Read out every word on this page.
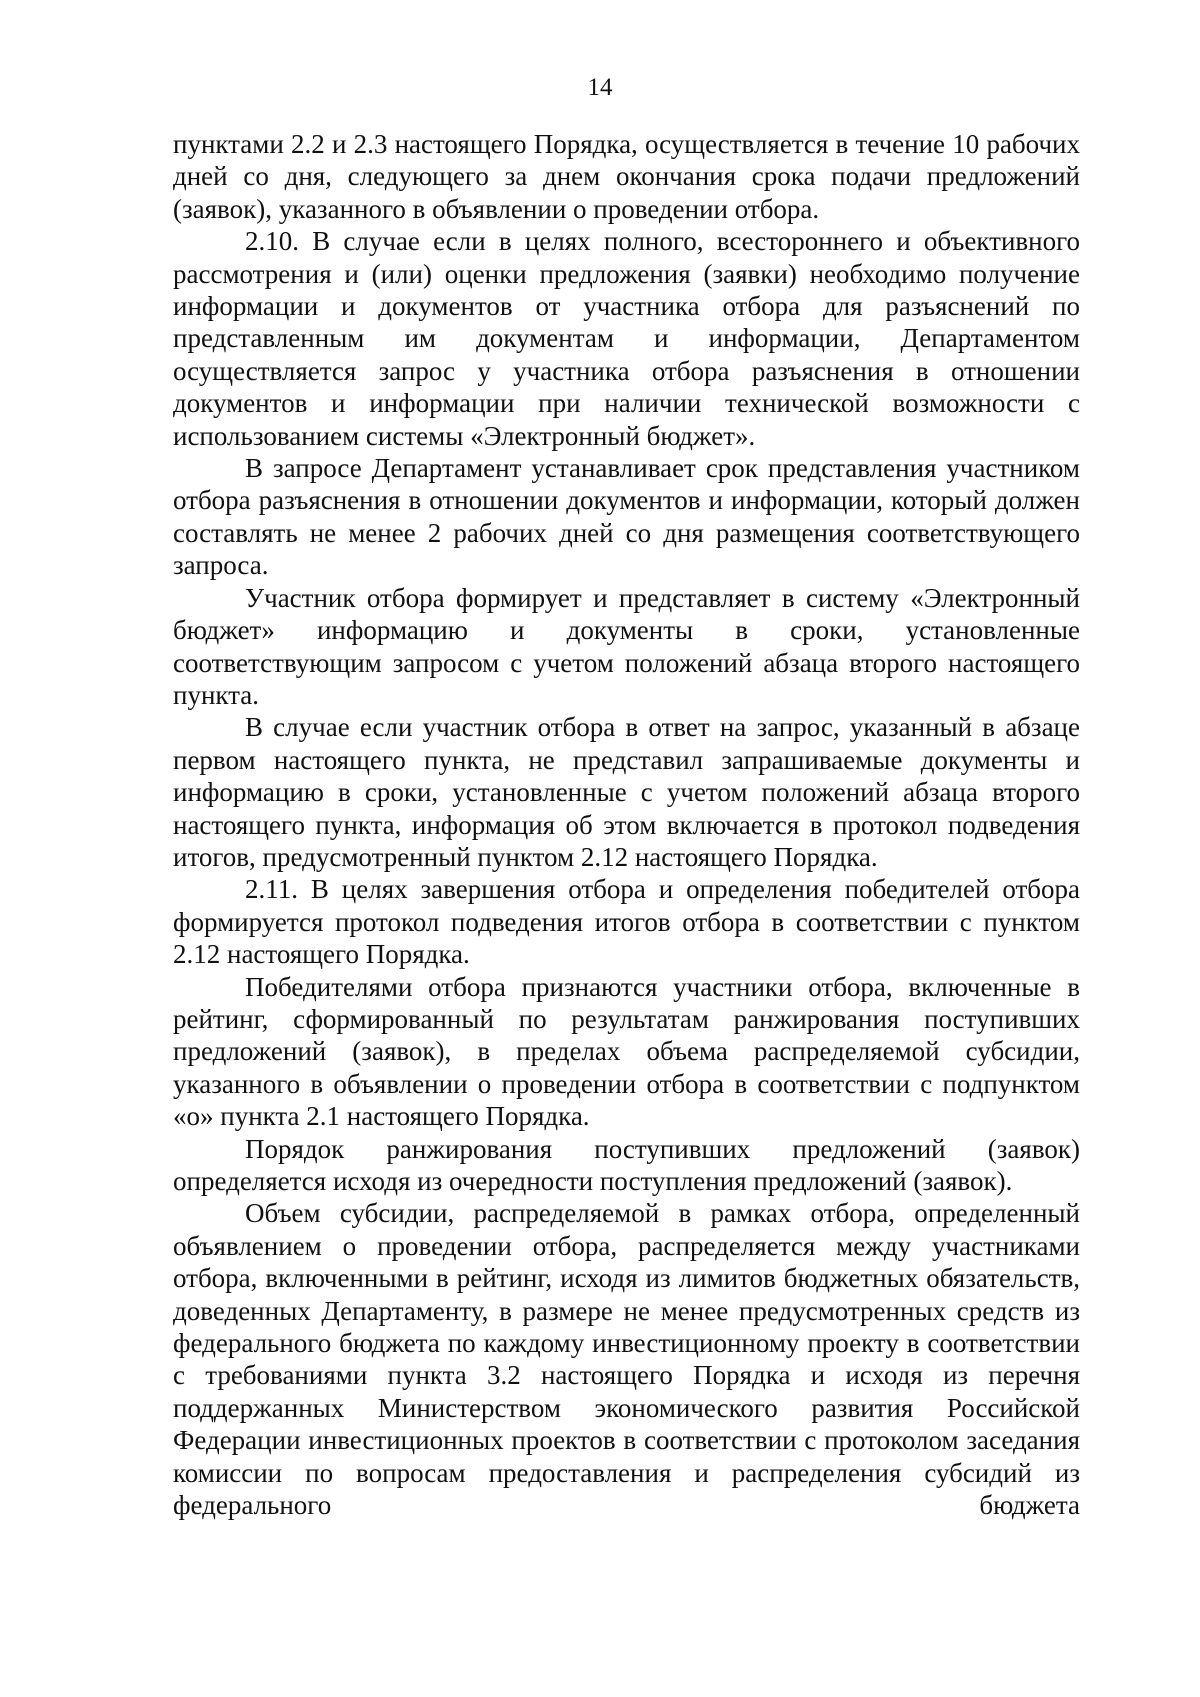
14

пунктами 2.2 и 2.3 настоящего Порядка, осуществляется в течение 10 рабочих дней со дня, следующего за днем окончания срока подачи предложений (заявок), указанного в объявлении о проведении отбора.

2.10. В случае если в целях полного, всестороннего и объективного рассмотрения и (или) оценки предложения (заявки) необходимо получение информации и документов от участника отбора для разъяснений по представленным им документам и информации, Департаментом осуществляется запрос у участника отбора разъяснения в отношении документов и информации при наличии технической возможности с использованием системы «Электронный бюджет».

В запросе Департамент устанавливает срок представления участником отбора разъяснения в отношении документов и информации, который должен составлять не менее 2 рабочих дней со дня размещения соответствующего запроса.

Участник отбора формирует и представляет в систему «Электронный бюджет» информацию и документы в сроки, установленные соответствующим запросом с учетом положений абзаца второго настоящего пункта.

В случае если участник отбора в ответ на запрос, указанный в абзаце первом настоящего пункта, не представил запрашиваемые документы и информацию в сроки, установленные с учетом положений абзаца второго настоящего пункта, информация об этом включается в протокол подведения итогов, предусмотренный пунктом 2.12 настоящего Порядка.

2.11. В целях завершения отбора и определения победителей отбора формируется протокол подведения итогов отбора в соответствии с пунктом 2.12 настоящего Порядка.

Победителями отбора признаются участники отбора, включенные в рейтинг, сформированный по результатам ранжирования поступивших предложений (заявок), в пределах объема распределяемой субсидии, указанного в объявлении о проведении отбора в соответствии с подпунктом «о» пункта 2.1 настоящего Порядка.

Порядок ранжирования поступивших предложений (заявок) определяется исходя из очередности поступления предложений (заявок).

Объем субсидии, распределяемой в рамках отбора, определенный объявлением о проведении отбора, распределяется между участниками отбора, включенными в рейтинг, исходя из лимитов бюджетных обязательств, доведенных Департаменту, в размере не менее предусмотренных средств из федерального бюджета по каждому инвестиционному проекту в соответствии с требованиями пункта 3.2 настоящего Порядка и исходя из перечня поддержанных Министерством экономического развития Российской Федерации инвестиционных проектов в соответствии с протоколом заседания комиссии по вопросам предоставления и распределения субсидий из федерального бюджета
